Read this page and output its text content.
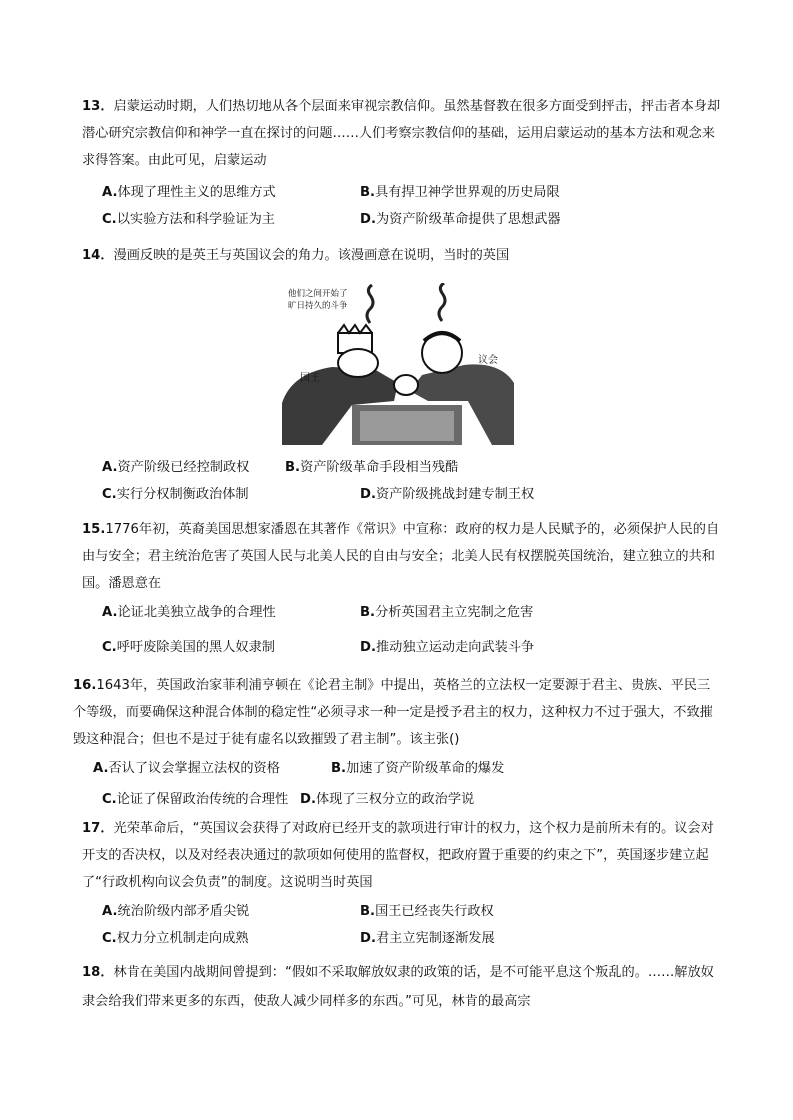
13．启蒙运动时期，人们热切地从各个层面来审视宗教信仰。虽然基督教在很多方面受到抨击，抨击者本身却潜心研究宗教信仰和神学一直在探讨的问题……人们考察宗教信仰的基础，运用启蒙运动的基本方法和观念来求得答案。由此可见，启蒙运动

A.体现了理性主义的思维方式	B.具有捍卫神学世界观的历史局限
C.以实验方法和科学验证为主	D.为资产阶级革命提供了思想武器

14．漫画反映的是英王与英国议会的角力。该漫画意在说明，当时的英国

他们之间开始了
旷日持久的斗争
国王
议会
A.资产阶级已经控制政权	B.资产阶级革命手段相当残酷
C.实行分权制衡政治体制	D.资产阶级挑战封建专制王权

15.1776年初，英裔美国思想家潘恩在其著作《常识》中宣称：政府的权力是人民赋予的，必须保护人民的自由与安全；君主统治危害了英国人民与北美人民的自由与安全；北美人民有权摆脱英国统治，建立独立的共和国。潘恩意在

A.论证北美独立战争的合理性	B.分析英国君主立宪制之危害
C.呼吁废除美国的黑人奴隶制	D.推动独立运动走向武装斗争

16.1643年，英国政治家菲利浦亨顿在《论君主制》中提出，英格兰的立法权一定要源于君主、贵族、平民三个等级，而要确保这种混合体制的稳定性“必须寻求一种一定是授予君主的权力，这种权力不过于强大，不致摧毁这种混合；但也不是过于徒有虚名以致摧毁了君主制”。该主张()

A.否认了议会掌握立法权的资格	B.加速了资产阶级革命的爆发
C.论证了保留政治传统的合理性 D.体现了三权分立的政治学说

17．光荣革命后，“英国议会获得了对政府已经开支的款项进行审计的权力，这个权力是前所未有的。议会对开支的否决权，以及对经表决通过的款项如何使用的监督权，把政府置于重要的约束之下”，英国逐步建立起了“行政机构向议会负责”的制度。这说明当时英国

A.统治阶级内部矛盾尖锐	B.国王已经丧失行政权
C.权力分立机制走向成熟	D.君主立宪制逐渐发展

18．林肯在美国内战期间曾提到：“假如不采取解放奴隶的政策的话，是不可能平息这个叛乱的。……解放奴隶会给我们带来更多的东西，使敌人减少同样多的东西。”可见，林肯的最高宗
